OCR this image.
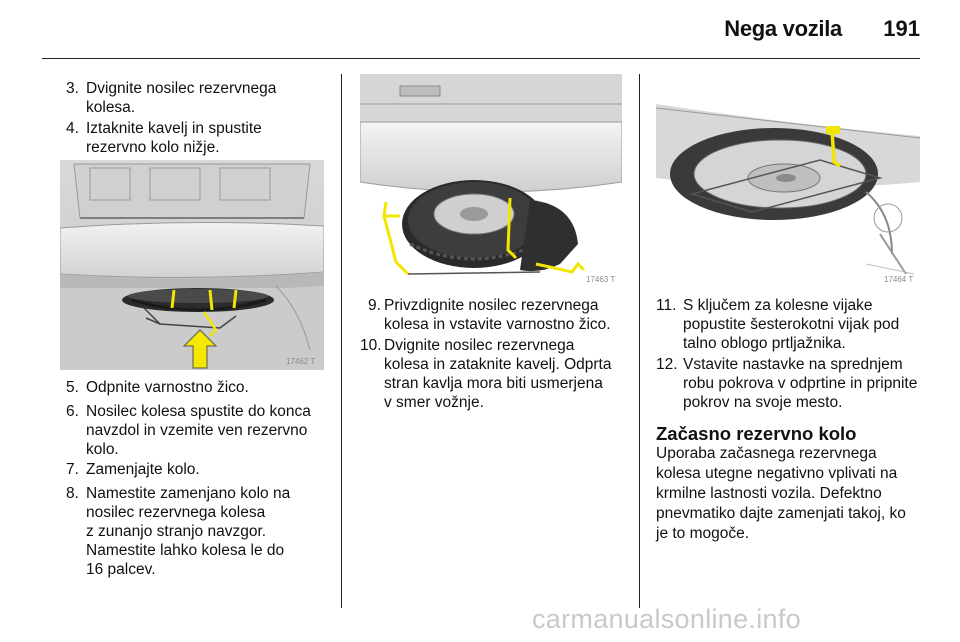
Nega vozila 191
3. Dvignite nosilec rezervnega
kolesa.
4. Iztaknite kavelj in spustite
rezervno kolo nižje.
17462 T
5. Odpnite varnostno žico.
6. Nosilec kolesa spustite do konca
navzdol in vzemite ven rezervno
kolo.
7. Zamenjajte kolo.
8. Namestite zamenjano kolo na
nosilec rezervnega kolesa
z zunanjo stranjo navzgor.
Namestite lahko kolesa le do
16 palcev.
17463 T
9. Privzdignite nosilec rezervnega
kolesa in vstavite varnostno žico.
10. Dvignite nosilec rezervnega
kolesa in zataknite kavelj. Odprta
stran kavlja mora biti usmerjena
v smer vožnje.
17464 T
11. S ključem za kolesne vijake
popustite šesterokotni vijak pod
talno oblogo prtljažnika.
12. Vstavite nastavke na sprednjem
robu pokrova v odprtine in pripnite
pokrov na svoje mesto.
Začasno rezervno kolo
Uporaba začasnega rezervnega
kolesa utegne negativno vplivati na
krmilne lastnosti vozila. Defektno
pnevmatiko dajte zamenjati takoj, ko
je to mogoče.
carmanualsonline.info
